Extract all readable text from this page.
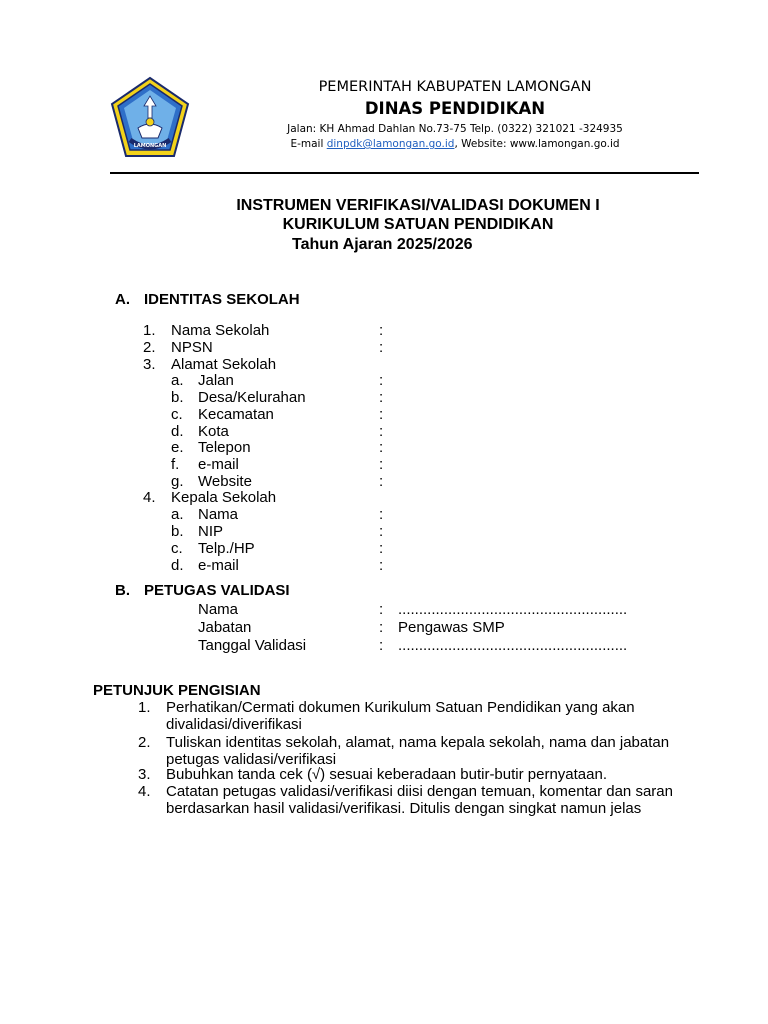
LAMONGAN
PEMERINTAH KABUPATEN LAMONGAN
DINAS PENDIDIKAN
Jalan: KH Ahmad Dahlan No.73-75 Telp. (0322) 321021 -324935
E-mail dinpdk@lamongan.go.id, Website: www.lamongan.go.id
INSTRUMEN VERIFIKASI/VALIDASI DOKUMEN I
KURIKULUM SATUAN PENDIDIKAN
Tahun Ajaran 2025/2026
A. IDENTITAS SEKOLAH
1. Nama Sekolah	:
2. NPSN	:
3. Alamat Sekolah
a. Jalan	:
b. Desa/Kelurahan	:
c. Kecamatan	:
d. Kota	:
e. Telepon	:
f. e-mail	:
g. Website	:
4. Kepala Sekolah
a. Nama	:
b. NIP	:
c. Telp./HP	:
d. e-mail	:
B. PETUGAS VALIDASI
Nama	: .......................................................
Jabatan	: Pengawas SMP
Tanggal Validasi	: .......................................................
PETUNJUK PENGISIAN
1. Perhatikan/Cermati dokumen Kurikulum Satuan Pendidikan yang akan
divalidasi/diverifikasi
2. Tuliskan identitas sekolah, alamat, nama kepala sekolah, nama dan jabatan
petugas validasi/verifikasi
3. Bubuhkan tanda cek (√) sesuai keberadaan butir-butir pernyataan.
4. Catatan petugas validasi/verifikasi diisi dengan temuan, komentar dan saran
berdasarkan hasil validasi/verifikasi. Ditulis dengan singkat namun jelas
